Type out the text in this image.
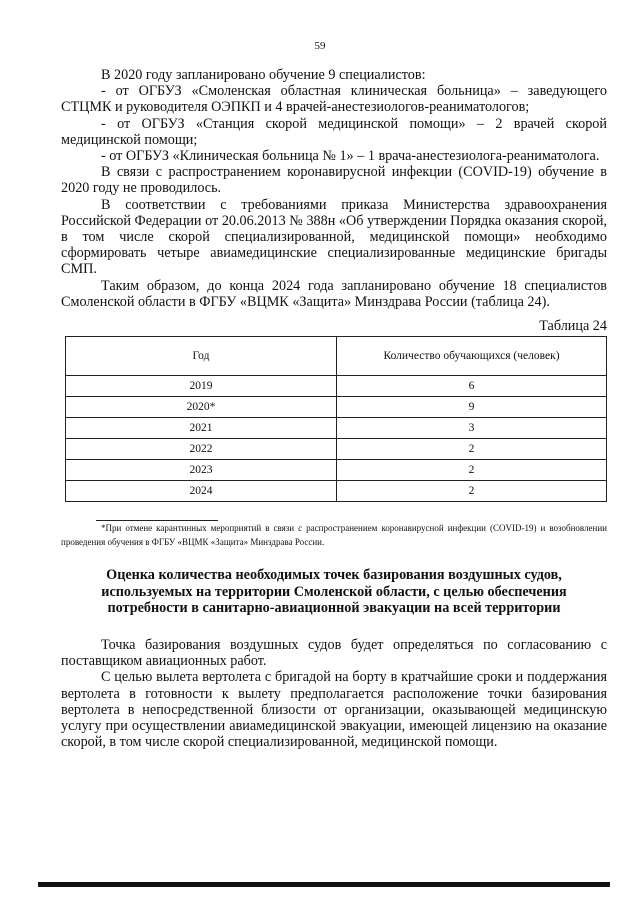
59

В 2020 году запланировано обучение 9 специалистов:

- от ОГБУЗ «Смоленская областная клиническая больница» – заведующего СТЦМК и руководителя ОЭПКП и 4 врачей-анестезиологов-реаниматологов;

- от ОГБУЗ «Станция скорой медицинской помощи» – 2 врачей скорой медицинской помощи;

- от ОГБУЗ «Клиническая больница № 1» – 1 врача-анестезиолога-реаниматолога.

В связи с распространением коронавирусной инфекции (COVID-19) обучение в 2020 году не проводилось.

В соответствии с требованиями приказа Министерства здравоохранения Российской Федерации от 20.06.2013 № 388н «Об утверждении Порядка оказания скорой, в том числе скорой специализированной, медицинской помощи» необходимо сформировать четыре авиамедицинские специализированные медицинские бригады СМП.

Таким образом, до конца 2024 года запланировано обучение 18 специалистов Смоленской области в ФГБУ «ВЦМК «Защита» Минздрава России (таблица 24).

Таблица 24
Год	Количество обучающихся (человек)
2019	6
2020*	9
2021	3
2022	2
2023	2
2024	2
*При отмене карантинных мероприятий в связи с распространением коронавирусной инфекции (COVID-19) и возобновлении проведения обучения в ФГБУ «ВЦМК «Защита» Минздрава России.
Оценка количества необходимых точек базирования воздушных судов, используемых на территории Смоленской области, с целью обеспечения потребности в санитарно-авиационной эвакуации на всей территории

Точка базирования воздушных судов будет определяться по согласованию с поставщиком авиационных работ.

С целью вылета вертолета с бригадой на борту в кратчайшие сроки и поддержания вертолета в готовности к вылету предполагается расположение точки базирования вертолета в непосредственной близости от организации, оказывающей медицинскую услугу при осуществлении авиамедицинской эвакуации, имеющей лицензию на оказание скорой, в том числе скорой специализированной, медицинской помощи.
